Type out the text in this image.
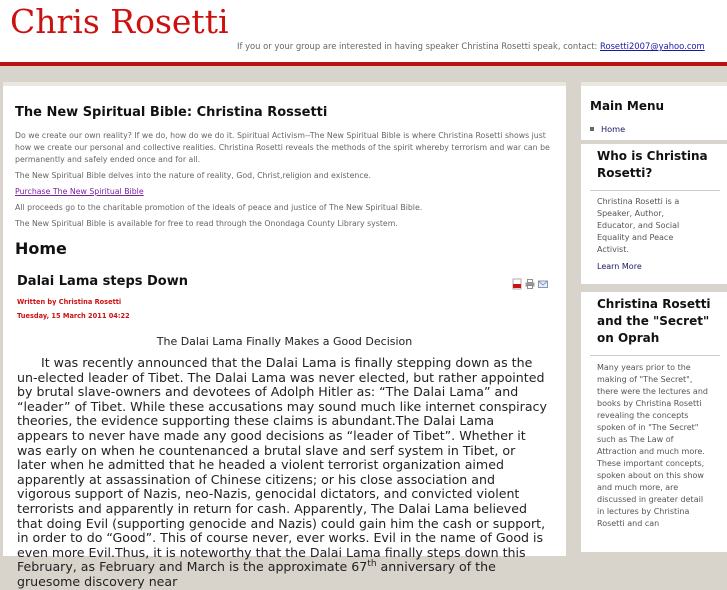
Chris Rosetti
If you or your group are interested in having speaker Christina Rosetti speak, contact: Rosetti2007@yahoo.com
The New Spiritual Bible: Christina Rossetti

Do we create our own reality? If we do, how do we do it. Spiritual Activism--The New Spiritual Bible is where Christina Rosetti shows just how we create our personal and collective realities. Christina Rosetti reveals the methods of the spirit whereby terrorism and war can be permanently and safely ended once and for all.

The New Spiritual Bible delves into the nature of reality, God, Christ,religion and existence.

Purchase The New Spiritual Bible

All proceeds go to the charitable promotion of the ideals of peace and justice of The New Spiritual Bible.

The New Spiritual Bible is available for free to read through the Onondaga County Library system.

Home
Dalai Lama steps Down
Written by Christina Rosetti
Tuesday, 15 March 2011 04:22
The Dalai Lama Finally Makes a Good Decision

It was recently announced that the Dalai Lama is finally stepping down as the un-elected leader of Tibet. The Dalai Lama was never elected, but rather appointed by brutal slave-owners and devotees of Adolph Hitler as: “The Dalai Lama” and “leader” of Tibet. While these accusations may sound much like internet conspiracy theories, the evidence supporting these claims is abundant.The Dalai Lama appears to never have made any good decisions as “leader of Tibet”. Whether it was early on when he countenanced a brutal slave and serf system in Tibet, or later when he admitted that he headed a violent terrorist organization aimed apparently at assassination of Chinese citizens; or his close association and vigorous support of Nazis, neo-Nazis, genocidal dictators, and convicted violent terrorists and apparently in return for cash. Apparently, The Dalai Lama believed that doing Evil (supporting genocide and Nazis) could gain him the cash or support, in order to do “Good”. This of course never, ever works. Evil in the name of Good is even more Evil.Thus, it is noteworthy that the Dalai Lama finally steps down this February, as February and March is the approximate 67th anniversary of the gruesome discovery near

Main Menu
Home
Who is Christina Rosetti?

Christina Rosetti is a Speaker, Author, Educator, and Social Equality and Peace Activist.

Learn More
Christina Rosetti and the "Secret" on Oprah

Many years prior to the making of "The Secret", there were the lectures and books by Christina Rosetti revealing the concepts spoken of in "The Secret" such as The Law of Attraction and much more. These important concepts, spoken about on this show and much more, are discussed in greater detail in lectures by Christina Rosetti and can
